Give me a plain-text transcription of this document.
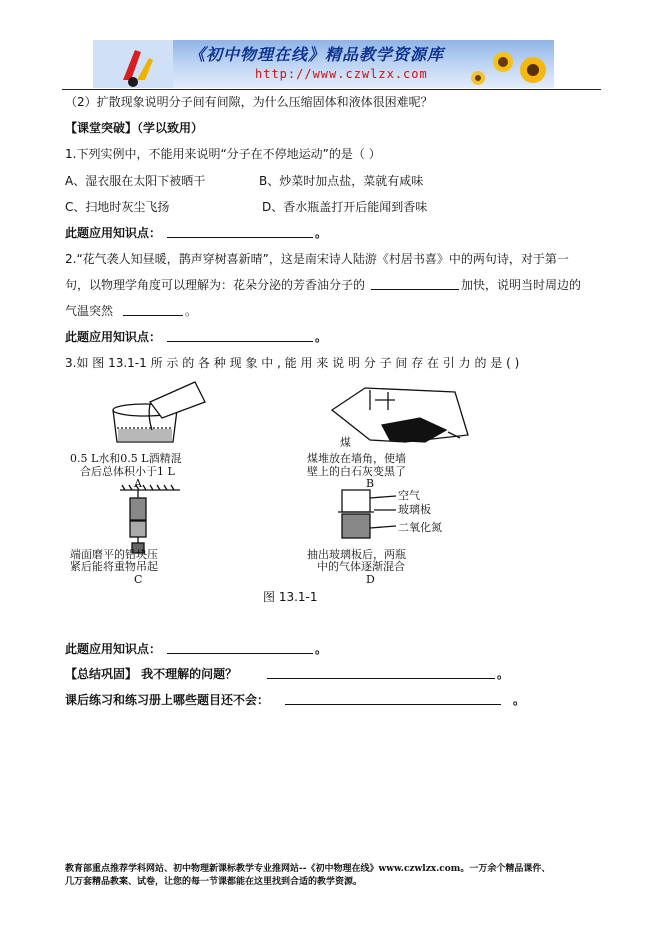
《初中物理在线》精品教学资源库
http://www.czwlzx.com
（2）扩散现象说明分子间有间隙，为什么压缩固体和液体很困难呢？
【课堂突破】（学以致用）
1.下列实例中，不能用来说明“分子在不停地运动”的是（ ）
A、湿衣服在太阳下被晒干	B、炒菜时加点盐，菜就有咸味
C、扫地时灰尘飞扬	D、香水瓶盖打开后能闻到香味
此题应用知识点：	。
2.“花气袭人知昼暖，鹊声穿树喜新晴”，这是南宋诗人陆游《村居书喜》中的两句诗，对于第一
句，以物理学角度可以理解为：花朵分泌的芳香油分子的	加快，说明当时周边的
气温突然	。
此题应用知识点：	。
3.如 图 13.1-1 所 示 的 各 种 现 象 中 , 能 用 来 说 明 分 子 间 存 在 引 力 的 是 ( )
煤
空气
玻璃板
二氧化氮
0.5 L水和0.5 L酒精混
合后总体积小于1 L
A
煤堆放在墙角，使墙
壁上的白石灰变黑了
B
端面磨平的铅块压
紧后能将重物吊起
C
抽出玻璃板后，两瓶
中的气体逐渐混合
D
图 13.1-1
此题应用知识点：	。
【总结巩固】 我不理解的问题？	。
课后练习和练习册上哪些题目还不会：	。
教育部重点推荐学科网站、初中物理新课标教学专业推网站--《初中物理在线》www.czwlzx.com。一万余个精品课件、
几万套精品教案、试卷，让您的每一节课都能在这里找到合适的教学资源。
